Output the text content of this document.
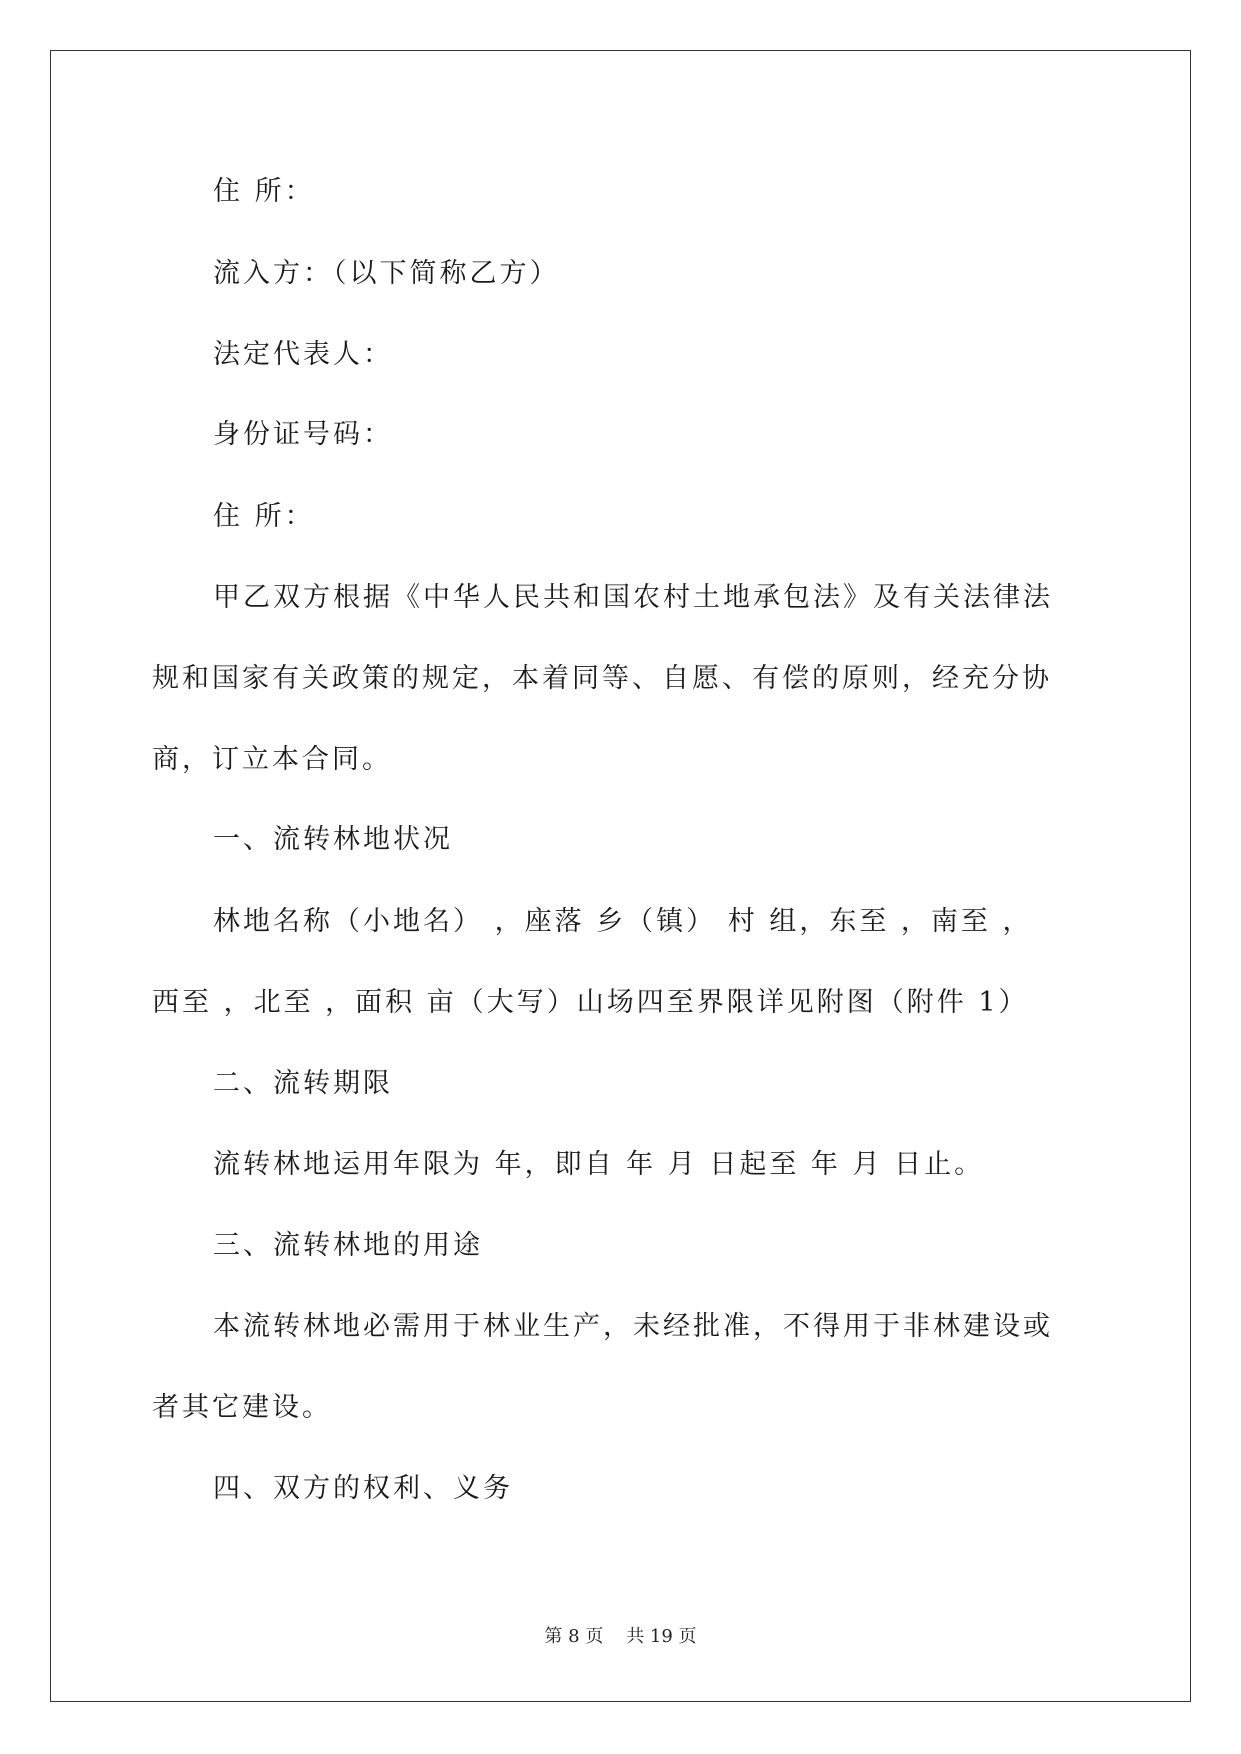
住 所：
流入方：（以下简称乙方）
法定代表人：
身份证号码：
住 所：
甲乙双方根据《中华人民共和国农村土地承包法》及有关法律法
规和国家有关政策的规定，本着同等、自愿、有偿的原则，经充分协
商，订立本合同。
一、流转林地状况
林地名称（小地名） ，座落 乡（镇） 村 组，东至 ，南至 ，
西至 ，北至 ，面积 亩（大写）山场四至界限详见附图（附件 1）
二、流转期限
流转林地运用年限为 年，即自 年 月 日起至 年 月 日止。
三、流转林地的用途
本流转林地必需用于林业生产，未经批准，不得用于非林建设或
者其它建设。
四、双方的权利、义务
第 8 页    共 19 页
